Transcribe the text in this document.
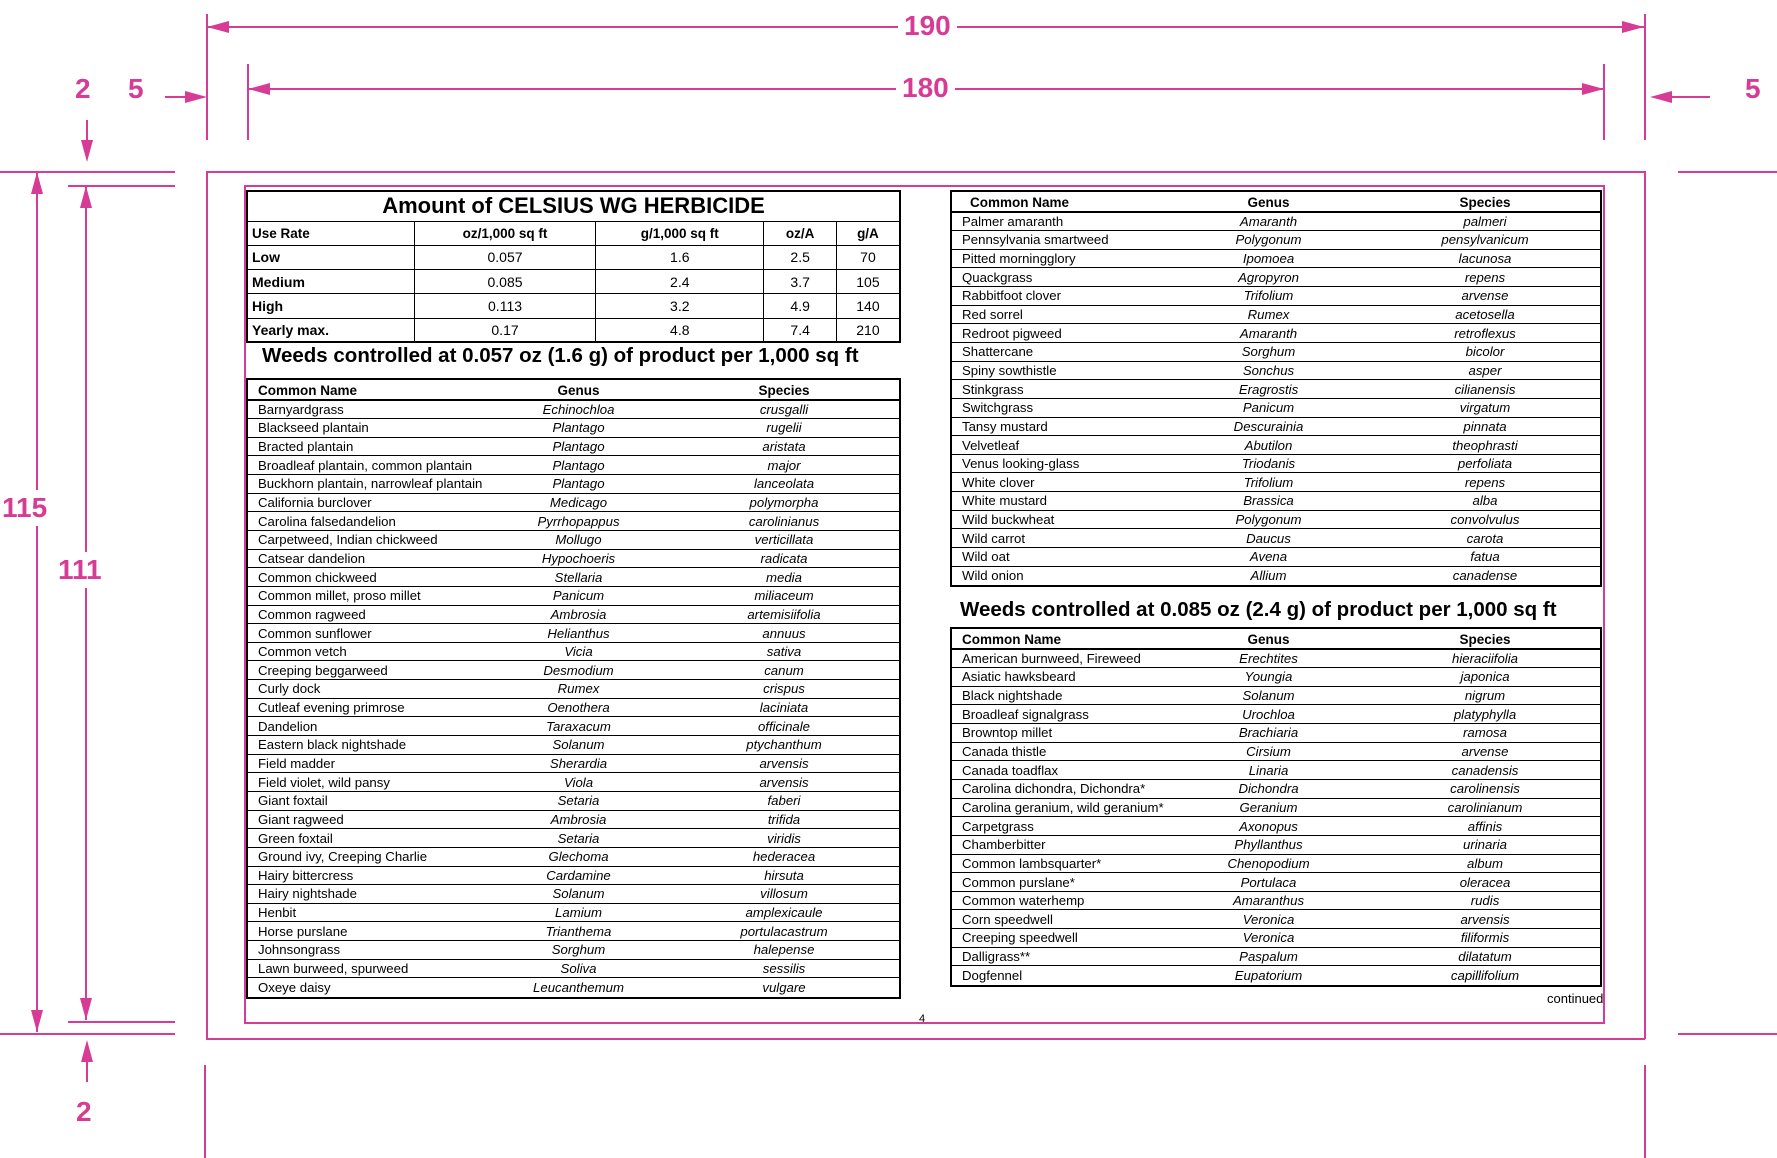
190
180
2 5	5
115
111
2
Amount of CELSIUS WG HERBICIDE				
Use Rate	oz/1,000 sq ft	g/1,000 sq ft	oz/A	g/A
Low	0.057	1.6	2.5	70
Medium	0.085	2.4	3.7	105
High	0.113	3.2	4.9	140
Yearly max.	0.17	4.8	7.4	210
Weeds controlled at 0.057 oz (1.6 g) of product per 1,000 sq ft
Common Name	Genus	Species
Barnyardgrass	Echinochloa	crusgalli
Blackseed plantain	Plantago	rugelii
Bracted plantain	Plantago	aristata
Broadleaf plantain, common plantain	Plantago	major
Buckhorn plantain, narrowleaf plantain	Plantago	lanceolata
California burclover	Medicago	polymorpha
Carolina falsedandelion	Pyrrhopappus	carolinianus
Carpetweed, Indian chickweed	Mollugo	verticillata
Catsear dandelion	Hypochoeris	radicata
Common chickweed	Stellaria	media
Common millet, proso millet	Panicum	miliaceum
Common ragweed	Ambrosia	artemisiifolia
Common sunflower	Helianthus	annuus
Common vetch	Vicia	sativa
Creeping beggarweed	Desmodium	canum
Curly dock	Rumex	crispus
Cutleaf evening primrose	Oenothera	laciniata
Dandelion	Taraxacum	officinale
Eastern black nightshade	Solanum	ptychanthum
Field madder	Sherardia	arvensis
Field violet, wild pansy	Viola	arvensis
Giant foxtail	Setaria	faberi
Giant ragweed	Ambrosia	trifida
Green foxtail	Setaria	viridis
Ground ivy, Creeping Charlie	Glechoma	hederacea
Hairy bittercress	Cardamine	hirsuta
Hairy nightshade	Solanum	villosum
Henbit	Lamium	amplexicaule
Horse purslane	Trianthema	portulacastrum
Johnsongrass	Sorghum	halepense
Lawn burweed, spurweed	Soliva	sessilis
Oxeye daisy	Leucanthemum	vulgare
Common Name	Genus	Species
Palmer amaranth	Amaranth	palmeri
Pennsylvania smartweed	Polygonum	pensylvanicum
Pitted morningglory	Ipomoea	lacunosa
Quackgrass	Agropyron	repens
Rabbitfoot clover	Trifolium	arvense
Red sorrel	Rumex	acetosella
Redroot pigweed	Amaranth	retroflexus
Shattercane	Sorghum	bicolor
Spiny sowthistle	Sonchus	asper
Stinkgrass	Eragrostis	cilianensis
Switchgrass	Panicum	virgatum
Tansy mustard	Descurainia	pinnata
Velvetleaf	Abutilon	theophrasti
Venus looking-glass	Triodanis	perfoliata
White clover	Trifolium	repens
White mustard	Brassica	alba
Wild buckwheat	Polygonum	convolvulus
Wild carrot	Daucus	carota
Wild oat	Avena	fatua
Wild onion	Allium	canadense
Weeds controlled at 0.085 oz (2.4 g) of product per 1,000 sq ft
Common Name	Genus	Species
American burnweed, Fireweed	Erechtites	hieraciifolia
Asiatic hawksbeard	Youngia	japonica
Black nightshade	Solanum	nigrum
Broadleaf signalgrass	Urochloa	platyphylla
Browntop millet	Brachiaria	ramosa
Canada thistle	Cirsium	arvense
Canada toadflax	Linaria	canadensis
Carolina dichondra, Dichondra*	Dichondra	carolinensis
Carolina geranium, wild geranium*	Geranium	carolinianum
Carpetgrass	Axonopus	affinis
Chamberbitter	Phyllanthus	urinaria
Common lambsquarter*	Chenopodium	album
Common purslane*	Portulaca	oleracea
Common waterhemp	Amaranthus	rudis
Corn speedwell	Veronica	arvensis
Creeping speedwell	Veronica	filiformis
Dalligrass**	Paspalum	dilatatum
Dogfennel	Eupatorium	capillifolium
continued
4
